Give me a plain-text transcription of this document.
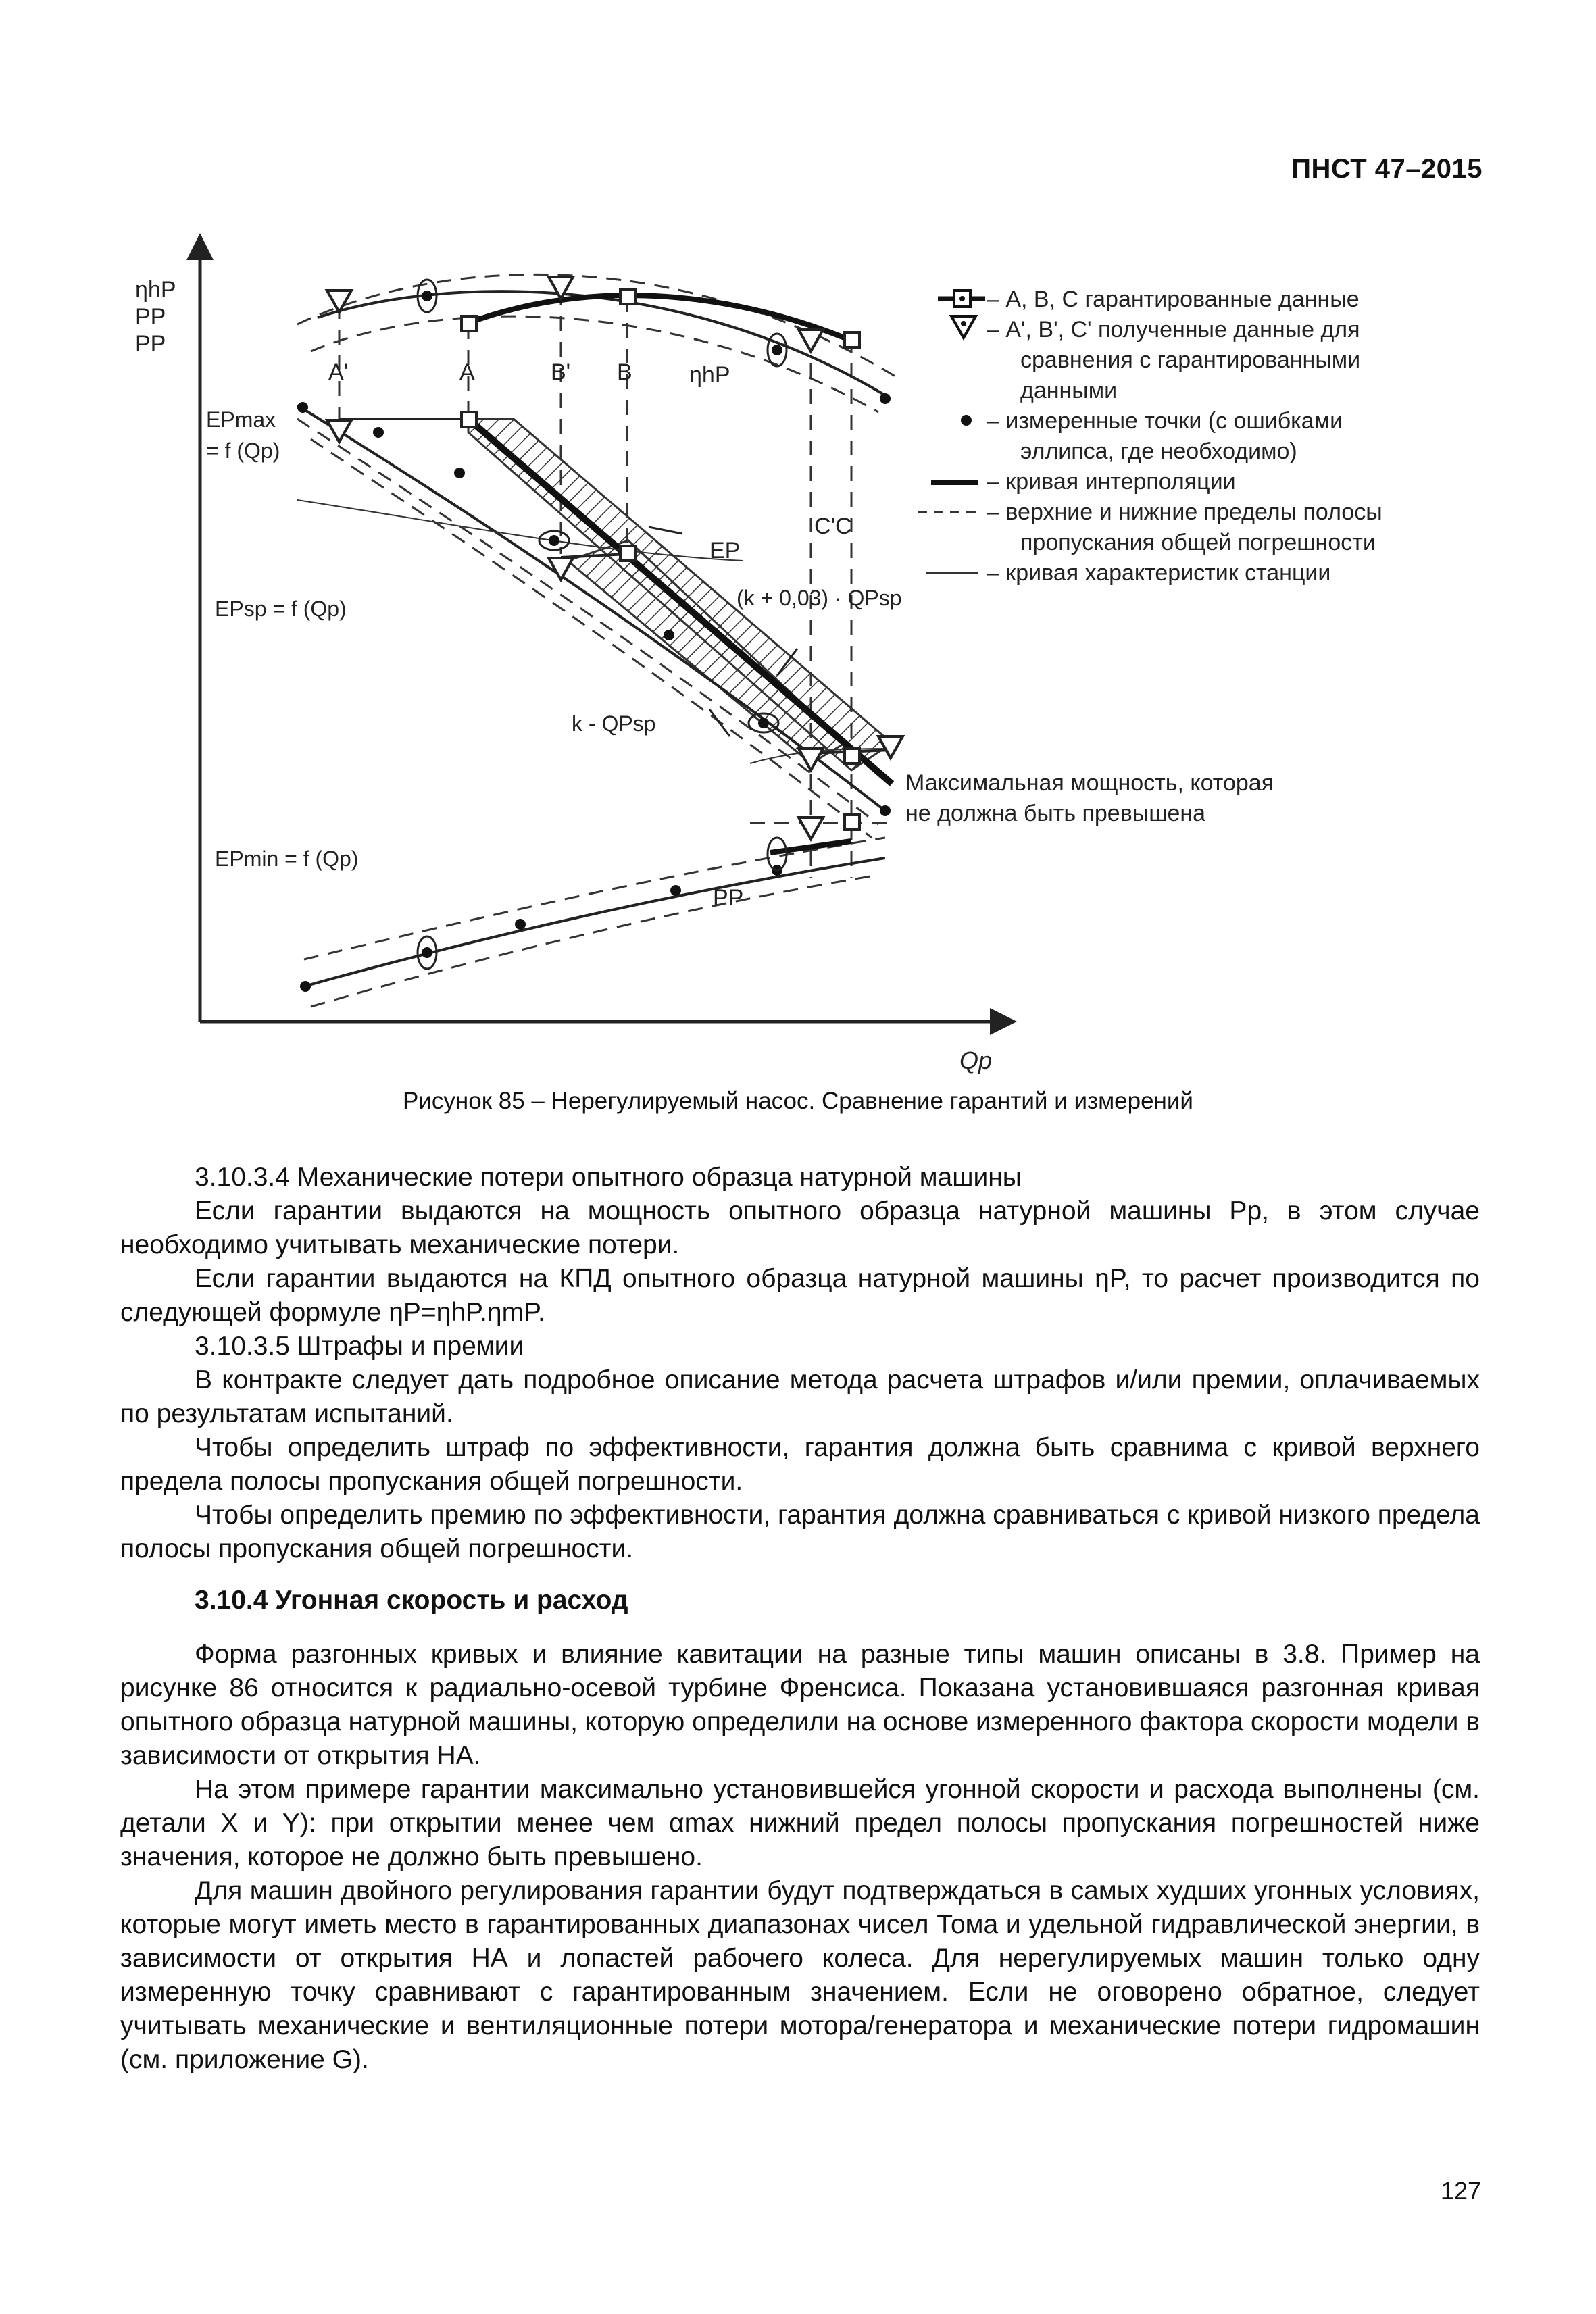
ПНСТ 47–2015
ηhP
PP
PP
Qp
A'	A	B' B
C'C
ηhP
EPmax
= f (Qp)
EPsp = f (Qp)
EP
(k + 0,03) · QPsp
k - QPsp
EPmin = f (Qp)
PP
– А, В, С гарантированные данные
– А', В', С' полученные данные для
сравнения с гарантированными
данными
– измеренные точки (с ошибками
эллипса, где необходимо)
– кривая интерполяции
– верхние и нижние пределы полосы
пропускания общей погрешности
– кривая характеристик станции
Максимальная мощность, которая
не должна быть превышена
Рисунок 85 – Нерегулируемый насос. Сравнение гарантий и измерений

3.10.3.4 Механические потери опытного образца натурной машины

Если гарантии выдаются на мощность опытного образца натурной машины Pp, в этом случае необходимо учитывать механические потери.

Если гарантии выдаются на КПД опытного образца натурной машины ηP, то расчет производится по следующей формуле ηP=ηhP.ηmP.

3.10.3.5 Штрафы и премии

В контракте следует дать подробное описание метода расчета штрафов и/или премии, оплачиваемых по результатам испытаний.

Чтобы определить штраф по эффективности, гарантия должна быть сравнима с кривой верхнего предела полосы пропускания общей погрешности.

Чтобы определить премию по эффективности, гарантия должна сравниваться с кривой низкого предела полосы пропускания общей погрешности.

3.10.4 Угонная скорость и расход

Форма разгонных кривых и влияние кавитации на разные типы машин описаны в 3.8. Пример на рисунке 86 относится к радиально-осевой турбине Френсиса. Показана установившаяся разгонная кривая опытного образца натурной машины, которую определили на основе измеренного фактора скорости модели в зависимости от открытия НА.

На этом примере гарантии максимально установившейся угонной скорости и расхода выполнены (см. детали X и Y): при открытии менее чем αmax нижний предел полосы пропускания погрешностей ниже значения, которое не должно быть превышено.

Для машин двойного регулирования гарантии будут подтверждаться в самых худших угонных условиях, которые могут иметь место в гарантированных диапазонах чисел Тома и удельной гидравлической энергии, в зависимости от открытия НА и лопастей рабочего колеса. Для нерегулируемых машин только одну измеренную точку сравнивают с гарантированным значением. Если не оговорено обратное, следует учитывать механические и вентиляционные потери мотора/генератора и механические потери гидромашин (см. приложение G).

127
